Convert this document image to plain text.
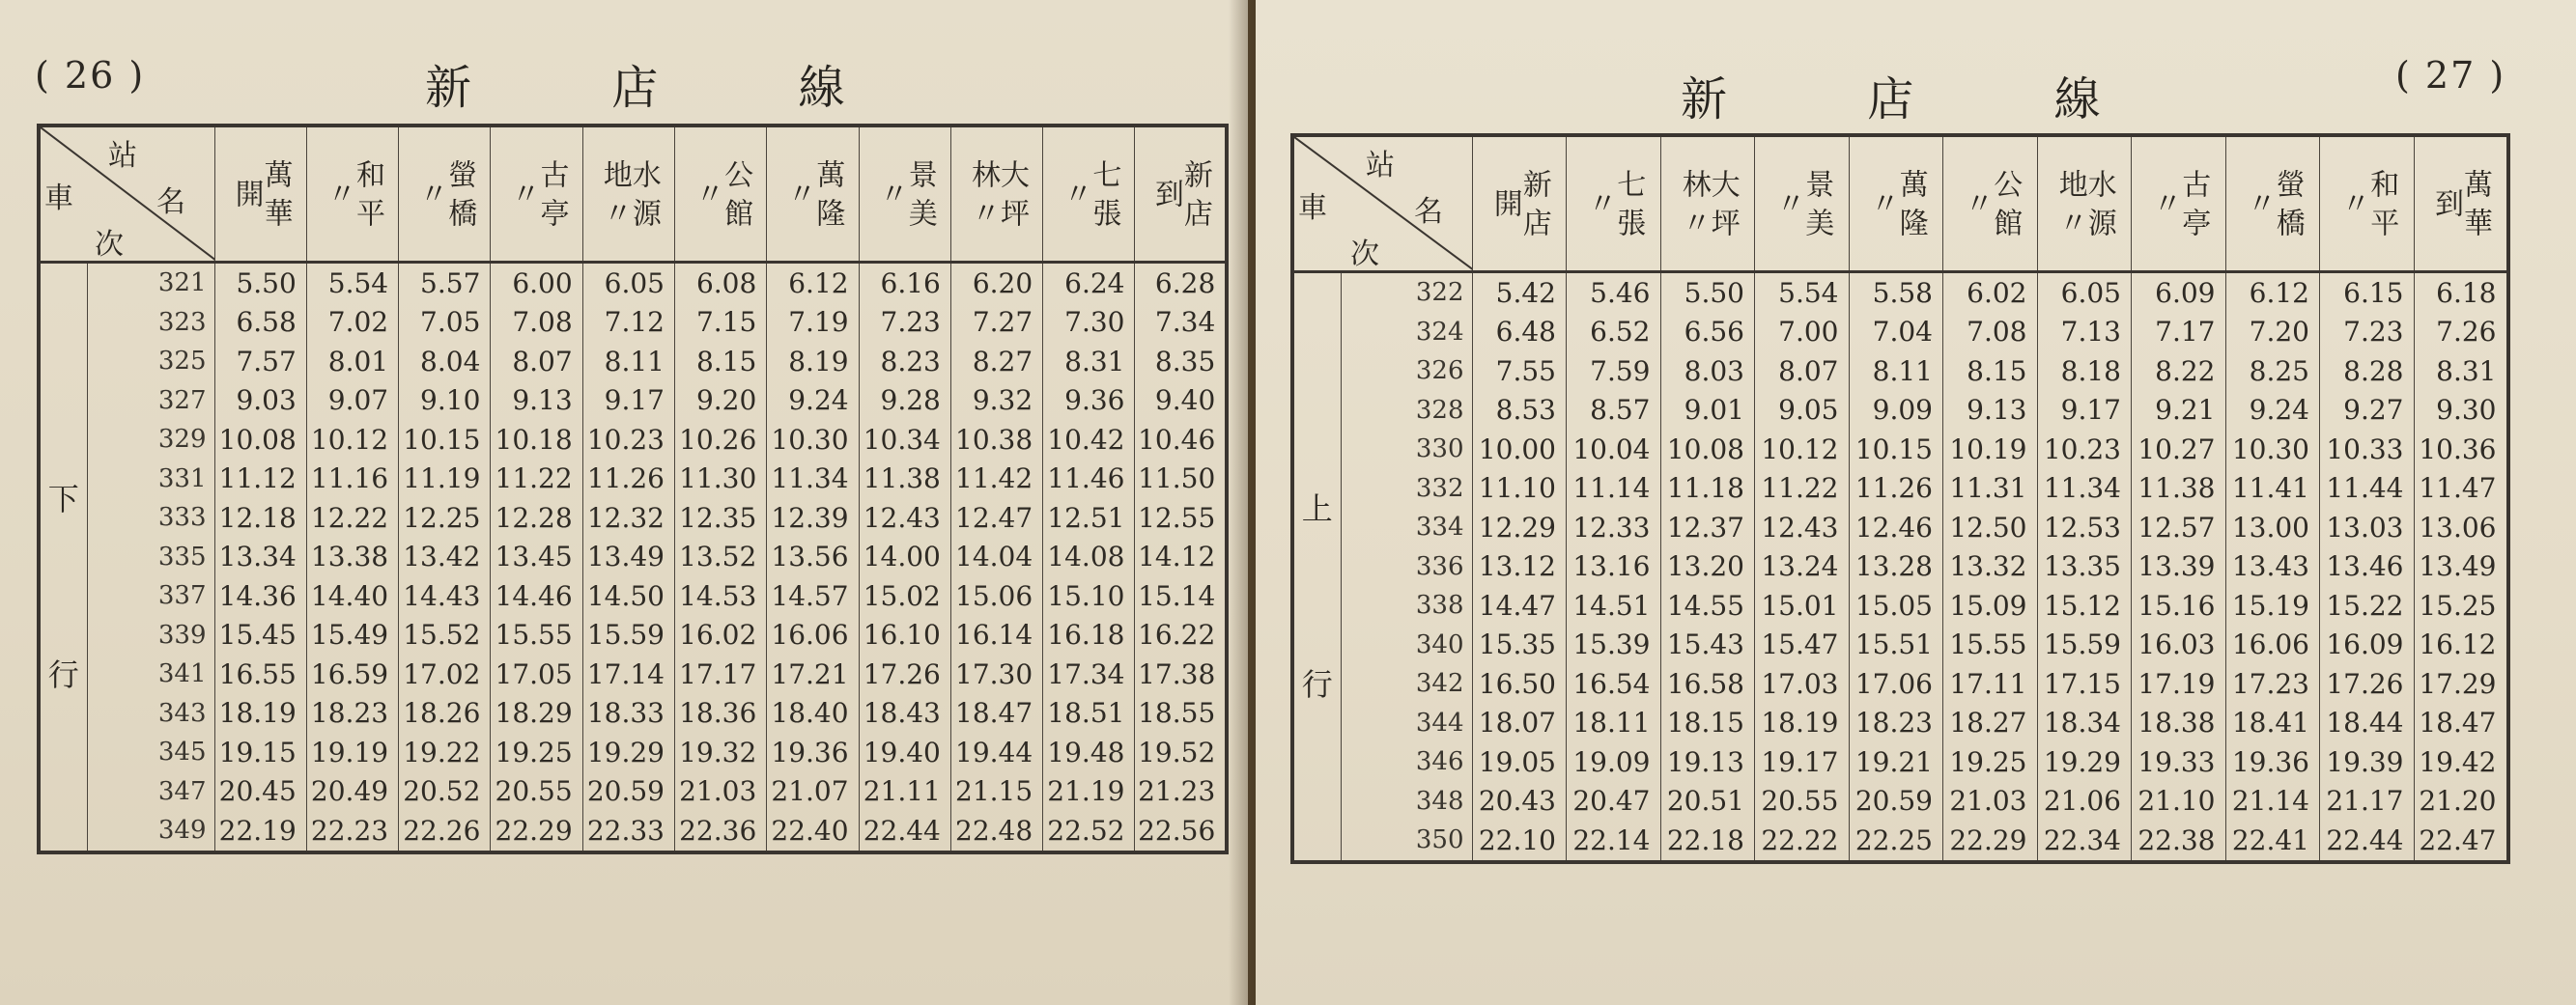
( 26 )	新	店	線
站
名
車
次		萬華開	和平〃	螢橋〃	古亭〃	水源地〃	公館〃	萬隆〃	景美〃	大坪林〃	七張〃	新店到

下
行	321	5.50	5.54	5.57	6.00	6.05	6.08	6.12	6.16	6.20	6.24	6.28
	323	6.58	7.02	7.05	7.08	7.12	7.15	7.19	7.23	7.27	7.30	7.34
	325	7.57	8.01	8.04	8.07	8.11	8.15	8.19	8.23	8.27	8.31	8.35
	327	9.03	9.07	9.10	9.13	9.17	9.20	9.24	9.28	9.32	9.36	9.40
	329	10.08	10.12	10.15	10.18	10.23	10.26	10.30	10.34	10.38	10.42	10.46
	331	11.12	11.16	11.19	11.22	11.26	11.30	11.34	11.38	11.42	11.46	11.50
	333	12.18	12.22	12.25	12.28	12.32	12.35	12.39	12.43	12.47	12.51	12.55
	335	13.34	13.38	13.42	13.45	13.49	13.52	13.56	14.00	14.04	14.08	14.12
	337	14.36	14.40	14.43	14.46	14.50	14.53	14.57	15.02	15.06	15.10	15.14
	339	15.45	15.49	15.52	15.55	15.59	16.02	16.06	16.10	16.14	16.18	16.22
	341	16.55	16.59	17.02	17.05	17.14	17.17	17.21	17.26	17.30	17.34	17.38
	343	18.19	18.23	18.26	18.29	18.33	18.36	18.40	18.43	18.47	18.51	18.55
	345	19.15	19.19	19.22	19.25	19.29	19.32	19.36	19.40	19.44	19.48	19.52
	347	20.45	20.49	20.52	20.55	20.59	21.03	21.07	21.11	21.15	21.19	21.23
	349	22.19	22.23	22.26	22.29	22.33	22.36	22.40	22.44	22.48	22.52	22.56
( 27 )
新	店	線
站
名
車
次		新店開	七張〃	大坪林〃	景美〃	萬隆〃	公館〃	水源地〃	古亭〃	螢橋〃	和平〃	萬華到

上
行	322	5.42	5.46	5.50	5.54	5.58	6.02	6.05	6.09	6.12	6.15	6.18
	324	6.48	6.52	6.56	7.00	7.04	7.08	7.13	7.17	7.20	7.23	7.26
	326	7.55	7.59	8.03	8.07	8.11	8.15	8.18	8.22	8.25	8.28	8.31
	328	8.53	8.57	9.01	9.05	9.09	9.13	9.17	9.21	9.24	9.27	9.30
	330	10.00	10.04	10.08	10.12	10.15	10.19	10.23	10.27	10.30	10.33	10.36
	332	11.10	11.14	11.18	11.22	11.26	11.31	11.34	11.38	11.41	11.44	11.47
	334	12.29	12.33	12.37	12.43	12.46	12.50	12.53	12.57	13.00	13.03	13.06
	336	13.12	13.16	13.20	13.24	13.28	13.32	13.35	13.39	13.43	13.46	13.49
	338	14.47	14.51	14.55	15.01	15.05	15.09	15.12	15.16	15.19	15.22	15.25
	340	15.35	15.39	15.43	15.47	15.51	15.55	15.59	16.03	16.06	16.09	16.12
	342	16.50	16.54	16.58	17.03	17.06	17.11	17.15	17.19	17.23	17.26	17.29
	344	18.07	18.11	18.15	18.19	18.23	18.27	18.34	18.38	18.41	18.44	18.47
	346	19.05	19.09	19.13	19.17	19.21	19.25	19.29	19.33	19.36	19.39	19.42
	348	20.43	20.47	20.51	20.55	20.59	21.03	21.06	21.10	21.14	21.17	21.20
	350	22.10	22.14	22.18	22.22	22.25	22.29	22.34	22.38	22.41	22.44	22.47
